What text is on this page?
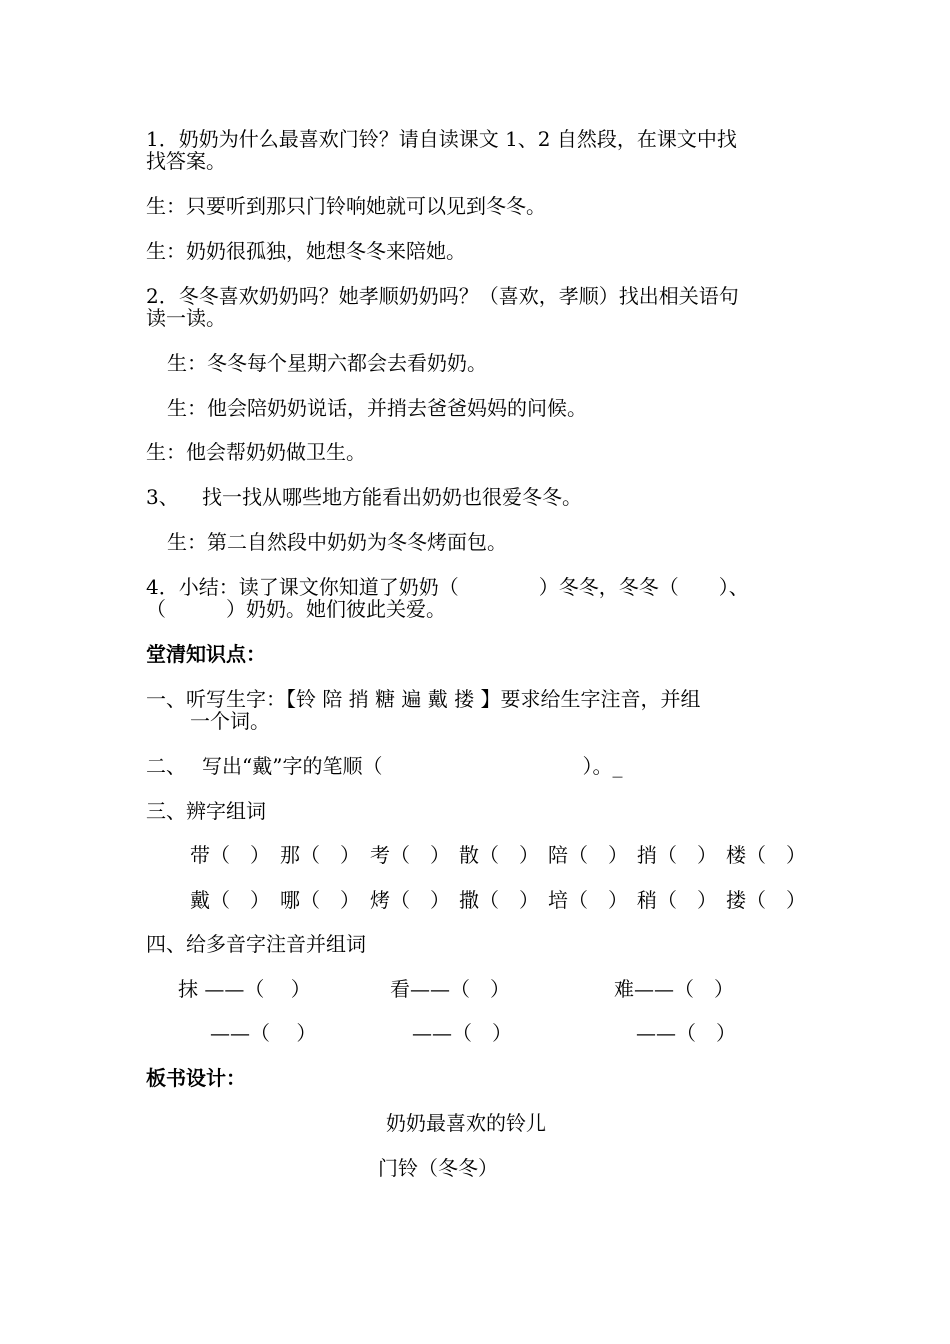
1．奶奶为什么最喜欢门铃？请自读课文 1、2 自然段，在课文中找
找答案。
生：只要听到那只门铃响她就可以见到冬冬。
生：奶奶很孤独，她想冬冬来陪她。
2．冬冬喜欢奶奶吗？她孝顺奶奶吗？（喜欢，孝顺）找出相关语句
读一读。
生：冬冬每个星期六都会去看奶奶。
生：他会陪奶奶说话，并捎去爸爸妈妈的问候。
生：他会帮奶奶做卫生。
3、 找一找从哪些地方能看出奶奶也很爱冬冬。
生：第二自然段中奶奶为冬冬烤面包。
4．小结：读了课文你知道了奶奶（　　　　）冬冬，冬冬（　　）、
（　　　）奶奶。她们彼此关爱。
堂清知识点：
一、听写生字：【铃 陪 捎 糖 遍 戴 搂 】要求给生字注音，并组
一个词。
二、 写出“戴”字的笔顺（　　　　　　　　　　）。_
三、辨字组词
带（　） 那（　） 考（　） 散（　） 陪（　） 捎（　） 楼（　）
戴（　） 哪（　） 烤（　） 撒（　） 培（　） 稍（　） 搂（　）
四、给多音字注音并组词
抹 ——（　 ）	看——（　）	难——（　）
——（　 ）	——（　）	——（　）
板书设计：
奶奶最喜欢的铃儿
门铃（冬冬）
